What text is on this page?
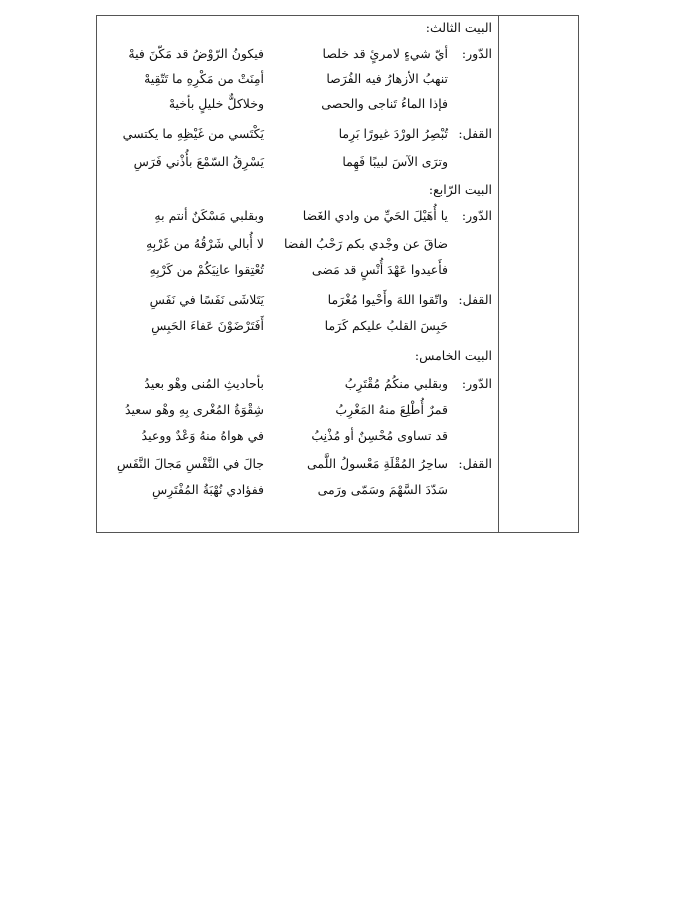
البيت الثالث:
الدّور:
أيّ شيءٍ لامرئٍ قد خلصا
فيكونُ الرّوْضُ قد مَكّنَ فيهْ
تنهبُ الأزهارُ فيه الفُرَصا
أمِنَتْ من مَكْرِهِ ما تَتّقِيهْ
فإذا الماءُ تَناجى والحصى
وخلاكلٌّ خليلٍ بأخيهْ
القفل:
تُبْصِرُ الورْدَ غيورًا بَرِما
يَكْتَسي من غَيْظِهِ ما يكتسي
وترَى الآسَ لبيبًا فَهِما
يَسْرِقُ السّمْعَ بأُذْني فَرَسِ
البيت الرّابع:
الدّور:
يا أُهَيْلَ الحَيِّ من وادي الغَضا
وبقلبي مَسْكَنٌ أنتم بهِ
ضاقَ عن وجْدي بكم رَحْبُ الفضا
لا أُبالي شَرْقُهُ من غَرْبِهِ
فأَعيدوا عَهْدَ أُنْسٍ قد مَضى
تُعْتِقوا عانِيَكُمْ من كَرْبِهِ
القفل:
واتّقوا اللهَ وأَحْيوا مُغْرَما
يَتَلاشَى نَفَسًا في نَفَسِ
حَبِسَ القلبُ عليكم كَرَما
أَفَتَرْضَوْنَ عَفاءَ الحَبِسِ
البيت الخامس:
الدّور:
وبقلبي منكُمُ مُقْتَرِبُ
بأحاديثِ المُنى وهْو بعيدُ
قمرٌ أُطْلِعَ منهُ المَغْرِبُ
شِقْوَةُ المُغْرى بِهِ وهْو سعيدُ
قد تساوى مُحْسِنٌ أو مُذْنِبُ
في هواهُ منهُ وَعْدٌ ووعيدُ
القفل:
ساحِرُ المُقْلَةِ مَعْسولُ اللَّمى
جالَ في النَّفْسِ مَجالَ النَّفَسِ
سَدّدَ السَّهْمَ وسَمّى ورَمى
ففؤادي نُهْبَةُ المُفْتَرِسِ
